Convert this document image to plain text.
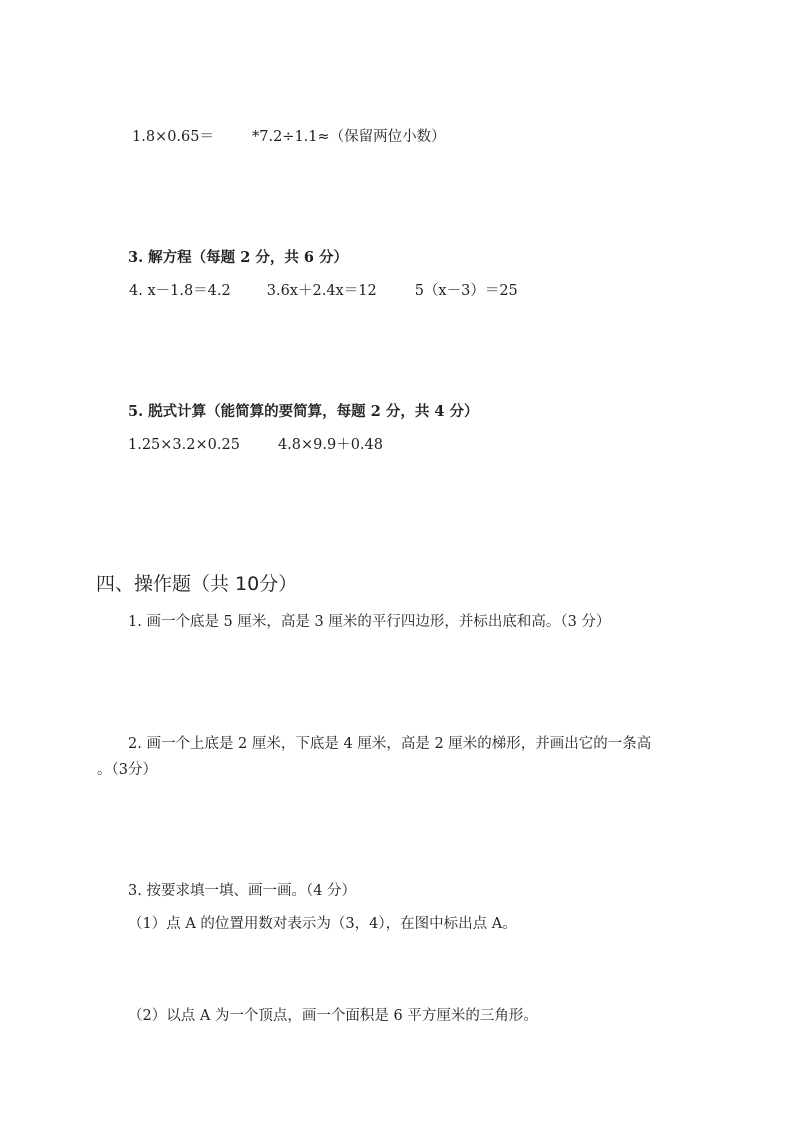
1.8×0.65＝	*7.2÷1.1≈（保留两位小数）
3. 解方程（每题 2 分，共 6 分）
4. x－1.8＝4.2 3.6x＋2.4x＝12	5（x－3）＝25
5. 脱式计算（能简算的要简算，每题 2 分，共 4 分）
1.25×3.2×0.25	4.8×9.9＋0.48
四、操作题（共 10分）
1. 画一个底是 5 厘米，高是 3 厘米的平行四边形，并标出底和高。（3 分）
2. 画一个上底是 2 厘米，下底是 4 厘米，高是 2 厘米的梯形，并画出它的一条高
。（3分）
3. 按要求填一填、画一画。（4 分）
（1）点 A 的位置用数对表示为（3，4），在图中标出点 A。
（2）以点 A 为一个顶点，画一个面积是 6 平方厘米的三角形。
